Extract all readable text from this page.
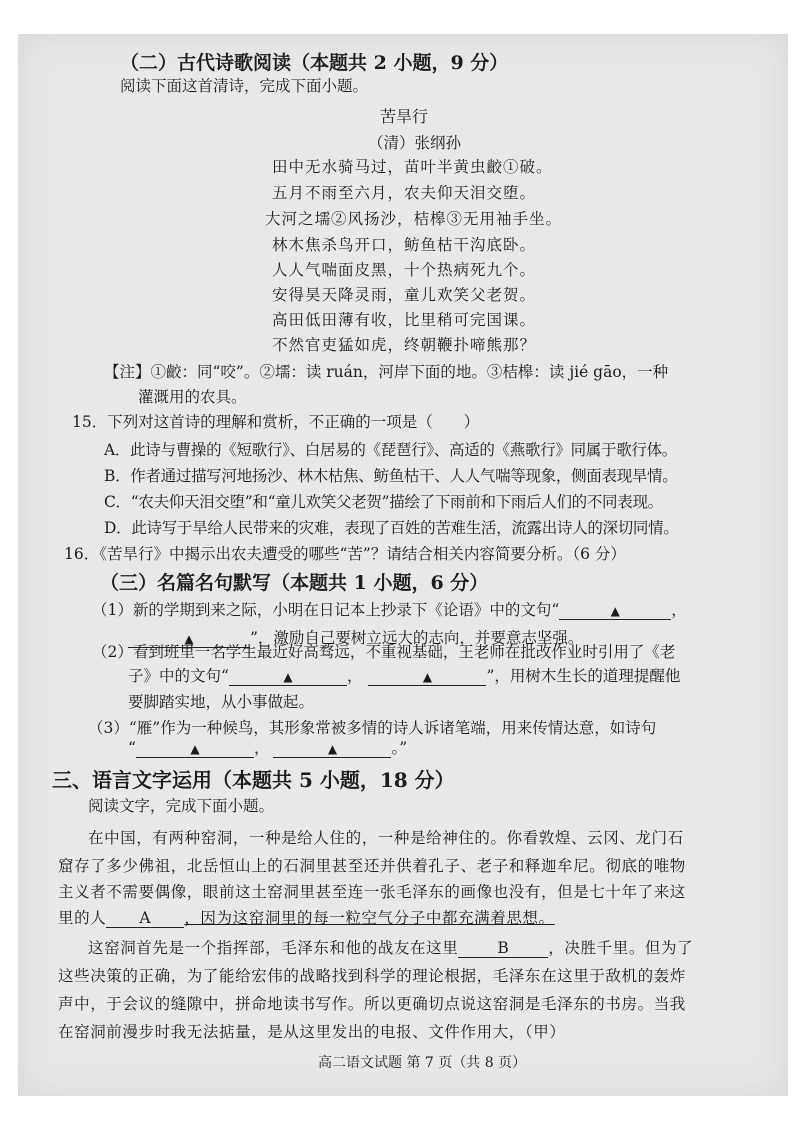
（二）古代诗歌阅读（本题共 2 小题，9 分）
阅读下面这首清诗，完成下面小题。
苦旱行
（清）张纲孙
田中无水骑马过，苗叶半黄虫齩①破。
五月不雨至六月，农夫仰天泪交堕。
大河之壖②风扬沙，桔槔③无用袖手坐。
林木焦杀鸟开口，鲂鱼枯干沟底卧。
人人气喘面皮黑，十个热病死九个。
安得昊天降灵雨，童儿欢笑父老贺。
高田低田薄有收，比里稍可完国课。
不然官吏猛如虎，终朝鞭扑啼熊那？
【注】①齩：同“咬”。②壖：读 ruán，河岸下面的地。③桔槔：读 jié gāo，一种
灌溉用的农具。
15．下列对这首诗的理解和赏析，不正确的一项是（　　）
A．此诗与曹操的《短歌行》、白居易的《琵琶行》、高适的《燕歌行》同属于歌行体。
B．作者通过描写河地扬沙、林木枯焦、鲂鱼枯干、人人气喘等现象，侧面表现旱情。
C．“农夫仰天泪交堕”和“童儿欢笑父老贺”描绘了下雨前和下雨后人们的不同表现。
D．此诗写于旱给人民带来的灾难，表现了百姓的苦难生活，流露出诗人的深切同情。
16．《苦旱行》中揭示出农夫遭受的哪些“苦”？请结合相关内容简要分析。（6 分）
（三）名篇名句默写（本题共 1 小题，6 分）
（1）新的学期到来之际，小明在日记本上抄录下《论语》中的文句“	▲	，
▲	”，激励自己要树立远大的志向，并要意志坚强。
（2）看到班里一名学生最近好高骛远，不重视基础，王老师在批改作业时引用了《老
子》中的文句“	▲	，	▲	”，用树木生长的道理提醒他
要脚踏实地，从小事做起。
（3）“雁”作为一种候鸟，其形象常被多情的诗人诉诸笔端，用来传情达意，如诗句
“	▲	，	▲	。”
三、语言文字运用（本题共 5 小题，18 分）
阅读文字，完成下面小题。
在中国，有两种窑洞，一种是给人住的，一种是给神住的。你看敦煌、云冈、龙门石
窟存了多少佛祖，北岳恒山上的石洞里甚至还并供着孔子、老子和释迦牟尼。彻底的唯物
主义者不需要偶像，眼前这土窑洞里甚至连一张毛泽东的画像也没有，但是七十年了来这
里的人 A ，因为这窑洞里的每一粒空气分子中都充满着思想。
这窑洞首先是一个指挥部，毛泽东和他的战友在这里	B	，决胜千里。但为了
这些决策的正确，为了能给宏伟的战略找到科学的理论根据，毛泽东在这里于敌机的轰炸
声中，于会议的缝隙中，拼命地读书写作。所以更确切点说这窑洞是毛泽东的书房。当我
在窑洞前漫步时我无法掂量，是从这里发出的电报、文件作用大，（甲）
高二语文试题 第 7 页（共 8 页）
